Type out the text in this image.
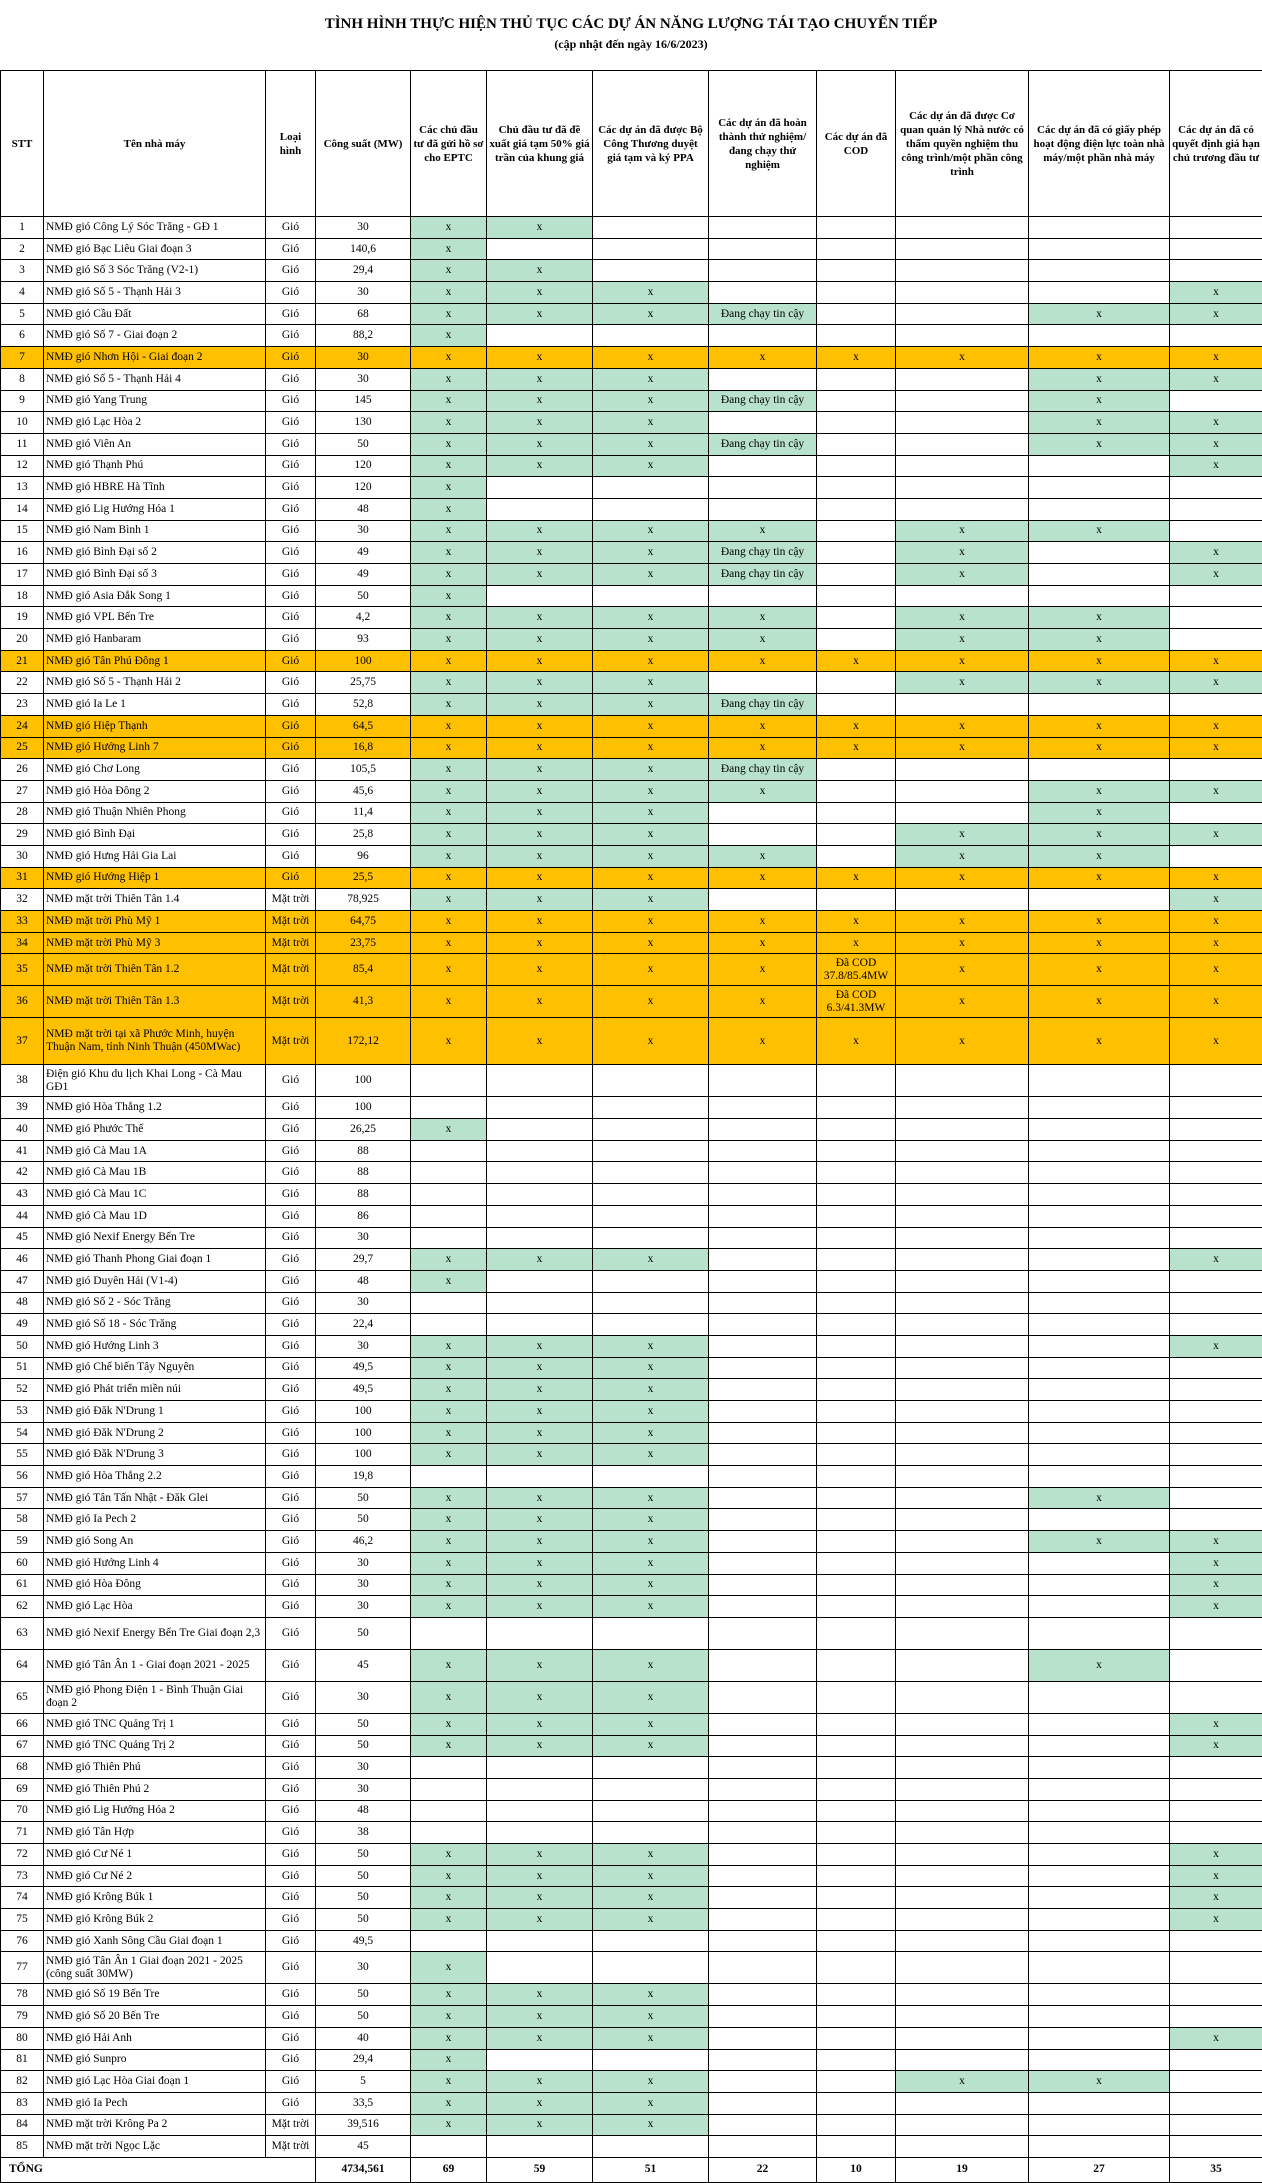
TÌNH HÌNH THỰC HIỆN THỦ TỤC CÁC DỰ ÁN NĂNG LƯỢNG TÁI TẠO CHUYỂN TIẾP
(cập nhật đến ngày 16/6/2023)
STT	Tên nhà máy	Loại hình	Công suất (MW)	Các chủ đầu tư đã gửi hồ sơ cho EPTC	Chủ đầu tư đã đề xuất giá tạm 50% giá trần của khung giá	Các dự án đã được Bộ Công Thương duyệt giá tạm và ký PPA	Các dự án đã hoàn thành thử nghiệm/đang chạy thử nghiệm	Các dự án đã COD	Các dự án đã được Cơ quan quản lý Nhà nước có thẩm quyền nghiệm thu công trình/một phần công trình	Các dự án đã có giấy phép hoạt động điện lực toàn nhà máy/một phần nhà máy	Các dự án đã có quyết định giá hạn chủ trương đầu tư
1	NMĐ gió Công Lý Sóc Trăng - GĐ 1	Gió	30	x	x						
2	NMĐ gió Bạc Liêu Giai đoạn 3	Gió	140,6	x							
3	NMĐ gió Số 3 Sóc Trăng (V2-1)	Gió	29,4	x	x						
4	NMĐ gió Số 5 - Thạnh Hải 3	Gió	30	x	x	x					x
5	NMĐ gió Cầu Đất	Gió	68	x	x	x	Đang chạy tin cậy			x	x
6	NMĐ gió Số 7 - Giai đoạn 2	Gió	88,2	x							
7	NMĐ gió Nhơn Hội - Giai đoạn 2	Gió	30	x	x	x	x	x	x	x	x
8	NMĐ gió Số 5 - Thạnh Hải 4	Gió	30	x	x	x				x	x
9	NMĐ gió Yang Trung	Gió	145	x	x	x	Đang chạy tin cậy			x	
10	NMĐ gió Lạc Hòa 2	Gió	130	x	x	x				x	x
11	NMĐ gió Viên An	Gió	50	x	x	x	Đang chạy tin cậy			x	x
12	NMĐ gió Thạnh Phú	Gió	120	x	x	x					x
13	NMĐ gió HBRE Hà Tĩnh	Gió	120	x							
14	NMĐ gió Lig Hướng Hóa 1	Gió	48	x							
15	NMĐ gió Nam Bình 1	Gió	30	x	x	x	x		x	x	
16	NMĐ gió Bình Đại số 2	Gió	49	x	x	x	Đang chạy tin cậy		x		x
17	NMĐ gió Bình Đại số 3	Gió	49	x	x	x	Đang chạy tin cậy		x		x
18	NMĐ gió Asia Đắk Song 1	Gió	50	x							
19	NMĐ gió VPL Bến Tre	Gió	4,2	x	x	x	x		x	x	
20	NMĐ gió Hanbaram	Gió	93	x	x	x	x		x	x	
21	NMĐ gió Tân Phú Đông 1	Gió	100	x	x	x	x	x	x	x	x
22	NMĐ gió Số 5 - Thạnh Hải 2	Gió	25,75	x	x	x			x	x	x
23	NMĐ gió Ia Le 1	Gió	52,8	x	x	x	Đang chạy tin cậy				
24	NMĐ gió Hiệp Thạnh	Gió	64,5	x	x	x	x	x	x	x	x
25	NMĐ gió Hướng Linh 7	Gió	16,8	x	x	x	x	x	x	x	x
26	NMĐ gió Chơ Long	Gió	105,5	x	x	x	Đang chạy tin cậy				
27	NMĐ gió Hòa Đông 2	Gió	45,6	x	x	x	x			x	x
28	NMĐ gió Thuận Nhiên Phong	Gió	11,4	x	x	x				x	
29	NMĐ gió Bình Đại	Gió	25,8	x	x	x			x	x	x
30	NMĐ gió Hưng Hải Gia Lai	Gió	96	x	x	x	x		x	x	
31	NMĐ gió Hướng Hiệp 1	Gió	25,5	x	x	x	x	x	x	x	x
32	NMĐ mặt trời Thiên Tân 1.4	Mặt trời	78,925	x	x	x					x
33	NMĐ mặt trời Phù Mỹ 1	Mặt trời	64,75	x	x	x	x	x	x	x	x
34	NMĐ mặt trời Phù Mỹ 3	Mặt trời	23,75	x	x	x	x	x	x	x	x
35	NMĐ mặt trời Thiên Tân 1.2	Mặt trời	85,4	x	x	x	x	Đã COD 37.8/85.4MW	x	x	x
36	NMĐ mặt trời Thiên Tân 1.3	Mặt trời	41,3	x	x	x	x	Đã COD 6.3/41.3MW	x	x	x
37	NMĐ mặt trời tại xã Phước Minh, huyện Thuận Nam, tỉnh Ninh Thuận (450MWac)	Mặt trời	172,12	x	x	x	x	x	x	x	x
38	Điện gió Khu du lịch Khai Long - Cà Mau GĐ1	Gió	100								
39	NMĐ gió Hòa Thắng 1.2	Gió	100								
40	NMĐ gió Phước Thể	Gió	26,25	x							
41	NMĐ gió Cà Mau 1A	Gió	88								
42	NMĐ gió Cà Mau 1B	Gió	88								
43	NMĐ gió Cà Mau 1C	Gió	88								
44	NMĐ gió Cà Mau 1D	Gió	86								
45	NMĐ gió Nexif Energy Bến Tre	Gió	30								
46	NMĐ gió Thanh Phong Giai đoạn 1	Gió	29,7	x	x	x					x
47	NMĐ gió Duyên Hải (V1-4)	Gió	48	x							
48	NMĐ gió Số 2 - Sóc Trăng	Gió	30								
49	NMĐ gió Số 18 - Sóc Trăng	Gió	22,4								
50	NMĐ gió Hướng Linh 3	Gió	30	x	x	x					x
51	NMĐ gió Chế biến Tây Nguyên	Gió	49,5	x	x	x					
52	NMĐ gió Phát triển miền núi	Gió	49,5	x	x	x					
53	NMĐ gió Đăk N'Drung 1	Gió	100	x	x	x					
54	NMĐ gió Đăk N'Drung 2	Gió	100	x	x	x					
55	NMĐ gió Đăk N'Drung 3	Gió	100	x	x	x					
56	NMĐ gió Hòa Thắng 2.2	Gió	19,8								
57	NMĐ gió Tân Tấn Nhật - Đăk Glei	Gió	50	x	x	x				x	
58	NMĐ gió Ia Pech 2	Gió	50	x	x	x					
59	NMĐ gió Song An	Gió	46,2	x	x	x				x	x
60	NMĐ gió Hướng Linh 4	Gió	30	x	x	x					x
61	NMĐ gió Hòa Đông	Gió	30	x	x	x					x
62	NMĐ gió Lạc Hòa	Gió	30	x	x	x					x
63	NMĐ gió Nexif Energy Bến Tre Giai đoạn 2,3	Gió	50								
64	NMĐ gió Tân Ân 1 - Giai đoạn 2021 - 2025	Gió	45	x	x	x				x	
65	NMĐ gió Phong Điện 1 - Bình Thuận Giai đoạn 2	Gió	30	x	x	x					
66	NMĐ gió TNC Quảng Trị 1	Gió	50	x	x	x					x
67	NMĐ gió TNC Quảng Trị 2	Gió	50	x	x	x					x
68	NMĐ gió Thiên Phú	Gió	30								
69	NMĐ gió Thiên Phú 2	Gió	30								
70	NMĐ gió Lig Hướng Hóa 2	Gió	48								
71	NMĐ gió Tân Hợp	Gió	38								
72	NMĐ gió Cư Né 1	Gió	50	x	x	x					x
73	NMĐ gió Cư Né 2	Gió	50	x	x	x					x
74	NMĐ gió Krông Búk 1	Gió	50	x	x	x					x
75	NMĐ gió Krông Búk 2	Gió	50	x	x	x					x
76	NMĐ gió Xanh Sông Cầu Giai đoạn 1	Gió	49,5								
77	NMĐ gió Tân Ân 1 Giai đoạn 2021 - 2025 (công suất 30MW)	Gió	30	x							
78	NMĐ gió Số 19 Bến Tre	Gió	50	x	x	x					
79	NMĐ gió Số 20 Bến Tre	Gió	50	x	x	x					
80	NMĐ gió Hải Anh	Gió	40	x	x	x					x
81	NMĐ gió Sunpro	Gió	29,4	x							
82	NMĐ gió Lạc Hòa Giai đoạn 1	Gió	5	x	x	x			x	x	
83	NMĐ gió Ia Pech	Gió	33,5	x	x	x					
84	NMĐ mặt trời Krông Pa 2	Mặt trời	39,516	x	x	x					
85	NMĐ mặt trời Ngọc Lặc	Mặt trời	45								
TỔNG			4734,561	69	59	51	22	10	19	27	35
